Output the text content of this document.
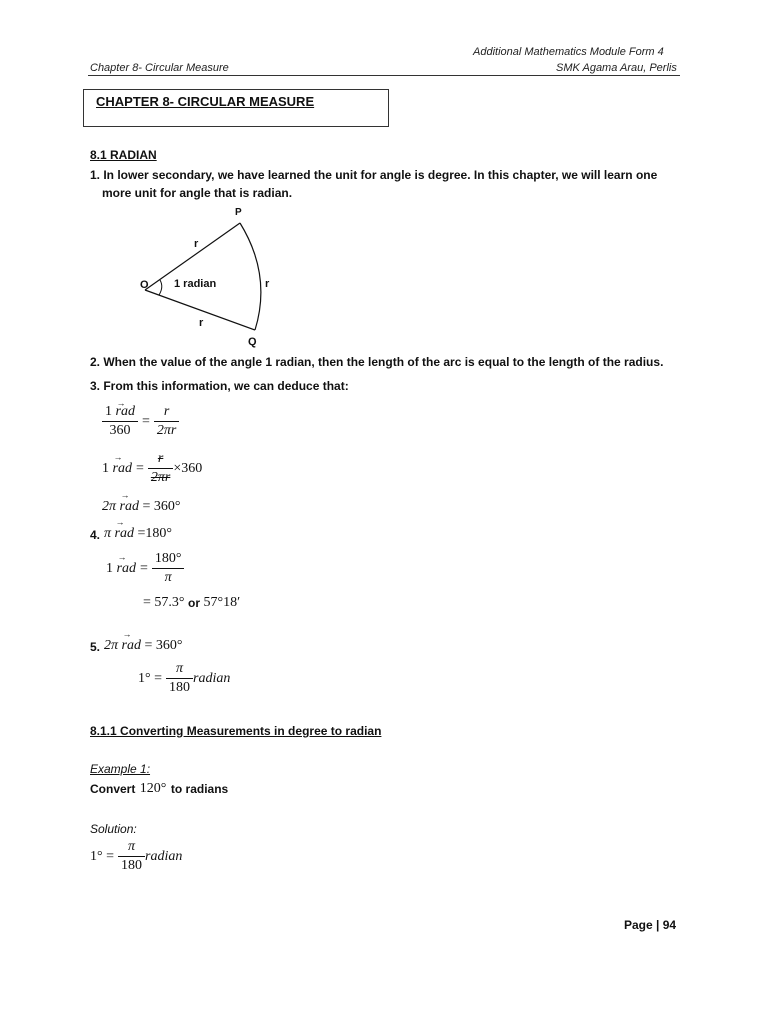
Additional Mathematics Module Form 4
Chapter 8- Circular Measure	SMK Agama Arau, Perlis
CHAPTER 8- CIRCULAR MEASURE
8.1 RADIAN
1. In lower secondary, we have learned the unit for angle is degree. In this chapter, we will learn one
more unit for angle that is radian.
P
r
O 1 radian	r
r
Q
2. When the value of the angle 1 radian, then the length of the arc is equal to the length of the radius.
3. From this information, we can deduce that:
$\frac{\text{1 → rad}}{360} = \frac{r}{2\pi r}$
1
→ rad = $\frac{r}{2\pi r} \times 360$
2π
→ rad
= 360°
4. π
→ rad
=180°
1
→ rad = $\frac{180^\circ}{\pi}$
= 57.3°
or
57°18′
5. 2π
→ rad
= 360°
$1^\circ = \frac{\pi}{180}$ radian
8.1.1 Converting Measurements in degree to radian
Example 1:
Convert
120°
to radians
Solution:
$1^\circ = \frac{\pi}{180}$ radian
Page | 94
